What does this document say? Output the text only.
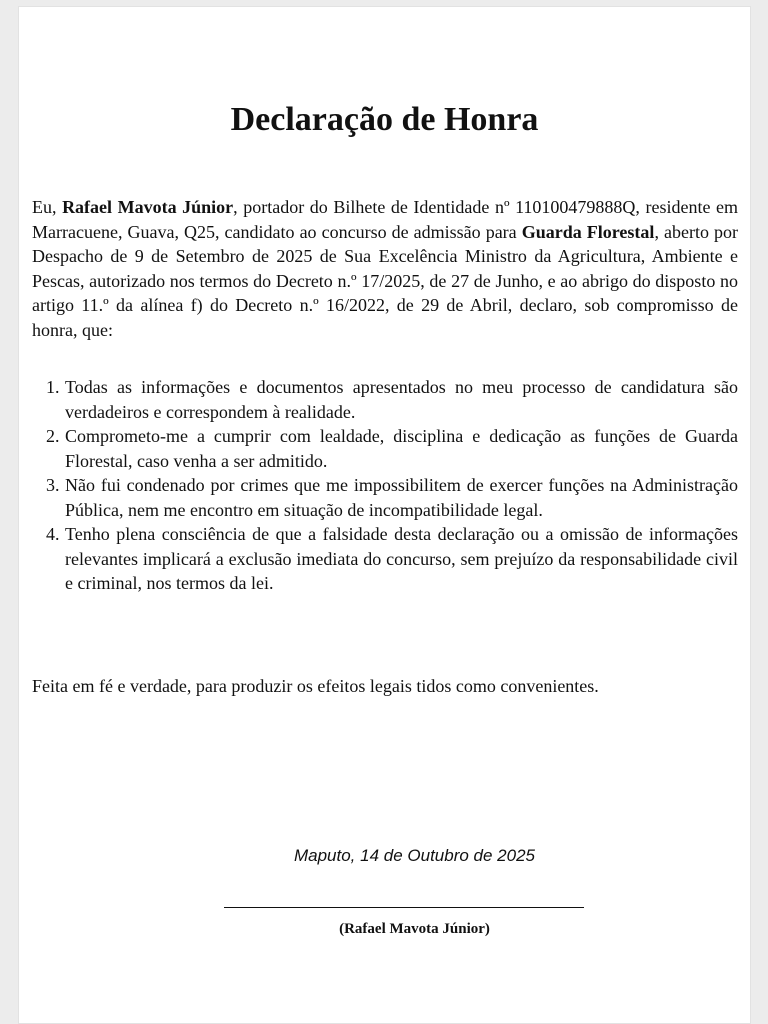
Declaração de Honra

Eu, Rafael Mavota Júnior, portador do Bilhete de Identidade nº 110100479888Q, residente em Marracuene, Guava, Q25, candidato ao concurso de admissão para Guarda Florestal, aberto por Despacho de 9 de Setembro de 2025 de Sua Excelência Ministro da Agricultura, Ambiente e Pescas, autorizado nos termos do Decreto n.º 17/2025, de 27 de Junho, e ao abrigo do disposto no artigo 11.º da alínea f) do Decreto n.º 16/2022, de 29 de Abril, declaro, sob compromisso de honra, que:

1. Todas as informações e documentos apresentados no meu processo de candidatura são verdadeiros e correspondem à realidade.
2. Comprometo-me a cumprir com lealdade, disciplina e dedicação as funções de Guarda Florestal, caso venha a ser admitido.
3. Não fui condenado por crimes que me impossibilitem de exercer funções na Administração Pública, nem me encontro em situação de incompatibilidade legal.
4. Tenho plena consciência de que a falsidade desta declaração ou a omissão de informações relevantes implicará a exclusão imediata do concurso, sem prejuízo da responsabilidade civil e criminal, nos termos da lei.

Feita em fé e verdade, para produzir os efeitos legais tidos como convenientes.

Maputo, 14 de Outubro de 2025

(Rafael Mavota Júnior)
